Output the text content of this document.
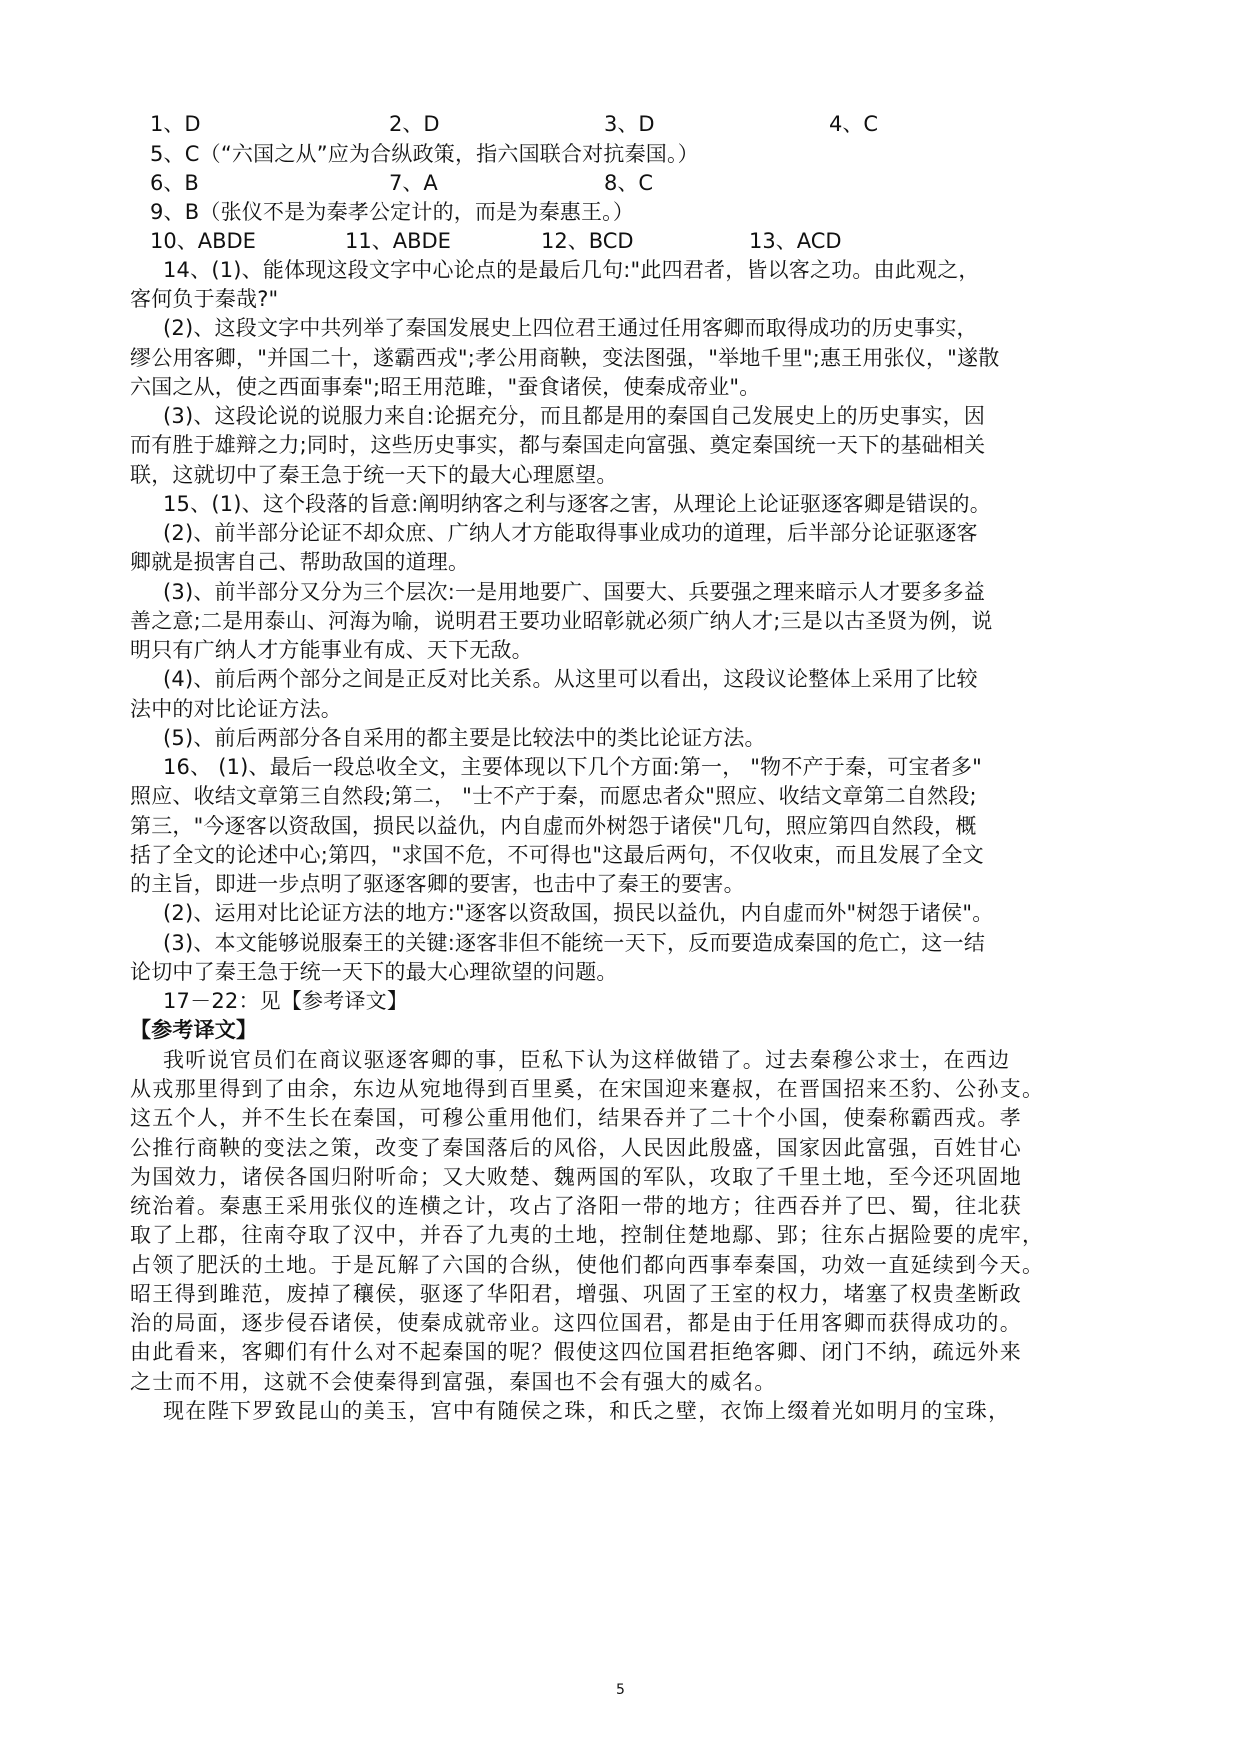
1、D	2、D	3、D	4、C
5、C（“六国之从”应为合纵政策，指六国联合对抗秦国。）
6、B	7、A	8、C
9、B（张仪不是为秦孝公定计的，而是为秦惠王。）
10、ABDE	11、ABDE	12、BCD	13、ACD
14、(1)、能体现这段文字中心论点的是最后几句:"此四君者，皆以客之功。由此观之，
客何负于秦哉?"
(2)、这段文字中共列举了秦国发展史上四位君王通过任用客卿而取得成功的历史事实，
缪公用客卿，"并国二十，遂霸西戎";孝公用商鞅，变法图强，"举地千里";惠王用张仪，"遂散
六国之从，使之西面事秦";昭王用范雎，"蚕食诸侯，使秦成帝业"。
(3)、这段论说的说服力来自:论据充分，而且都是用的秦国自己发展史上的历史事实，因
而有胜于雄辩之力;同时，这些历史事实，都与秦国走向富强、奠定秦国统一天下的基础相关
联，这就切中了秦王急于统一天下的最大心理愿望。
15、(1)、这个段落的旨意:阐明纳客之利与逐客之害，从理论上论证驱逐客卿是错误的。
(2)、前半部分论证不却众庶、广纳人才方能取得事业成功的道理，后半部分论证驱逐客
卿就是损害自己、帮助敌国的道理。
(3)、前半部分又分为三个层次:一是用地要广、国要大、兵要强之理来暗示人才要多多益
善之意;二是用泰山、河海为喻，说明君王要功业昭彰就必须广纳人才;三是以古圣贤为例，说
明只有广纳人才方能事业有成、天下无敌。
(4)、前后两个部分之间是正反对比关系。从这里可以看出，这段议论整体上采用了比较
法中的对比论证方法。
(5)、前后两部分各自采用的都主要是比较法中的类比论证方法。
16、 (1)、最后一段总收全文，主要体现以下几个方面:第一， "物不产于秦，可宝者多"
照应、收结文章第三自然段;第二， "士不产于秦，而愿忠者众"照应、收结文章第二自然段;
第三，"今逐客以资敌国，损民以益仇，内自虚而外树怨于诸侯"几句，照应第四自然段，概
括了全文的论述中心;第四，"求国不危，不可得也"这最后两句，不仅收束，而且发展了全文
的主旨，即进一步点明了驱逐客卿的要害，也击中了秦王的要害。
(2)、运用对比论证方法的地方:"逐客以资敌国，损民以益仇，内自虚而外"树怨于诸侯"。
(3)、本文能够说服秦王的关键:逐客非但不能统一天下，反而要造成秦国的危亡，这一结
论切中了秦王急于统一天下的最大心理欲望的问题。
17－22：见【参考译文】
【参考译文】
我听说官员们在商议驱逐客卿的事，臣私下认为这样做错了。过去秦穆公求士，在西边
从戎那里得到了由余，东边从宛地得到百里奚，在宋国迎来蹇叔，在晋国招来丕豹、公孙支。
这五个人，并不生长在秦国，可穆公重用他们，结果吞并了二十个小国，使秦称霸西戎。孝
公推行商鞅的变法之策，改变了秦国落后的风俗，人民因此殷盛，国家因此富强，百姓甘心
为国效力，诸侯各国归附听命；又大败楚、魏两国的军队，攻取了千里土地，至今还巩固地
统治着。秦惠王采用张仪的连横之计，攻占了洛阳一带的地方；往西吞并了巴、蜀，往北获
取了上郡，往南夺取了汉中，并吞了九夷的土地，控制住楚地鄢、郢；往东占据险要的虎牢，
占领了肥沃的土地。于是瓦解了六国的合纵，使他们都向西事奉秦国，功效一直延续到今天。
昭王得到雎范，废掉了穰侯，驱逐了华阳君，增强、巩固了王室的权力，堵塞了权贵垄断政
治的局面，逐步侵吞诸侯，使秦成就帝业。这四位国君，都是由于任用客卿而获得成功的。
由此看来，客卿们有什么对不起秦国的呢？假使这四位国君拒绝客卿、闭门不纳，疏远外来
之士而不用，这就不会使秦得到富强，秦国也不会有强大的威名。
现在陛下罗致昆山的美玉，宫中有随侯之珠，和氏之壁，衣饰上缀着光如明月的宝珠，
5
